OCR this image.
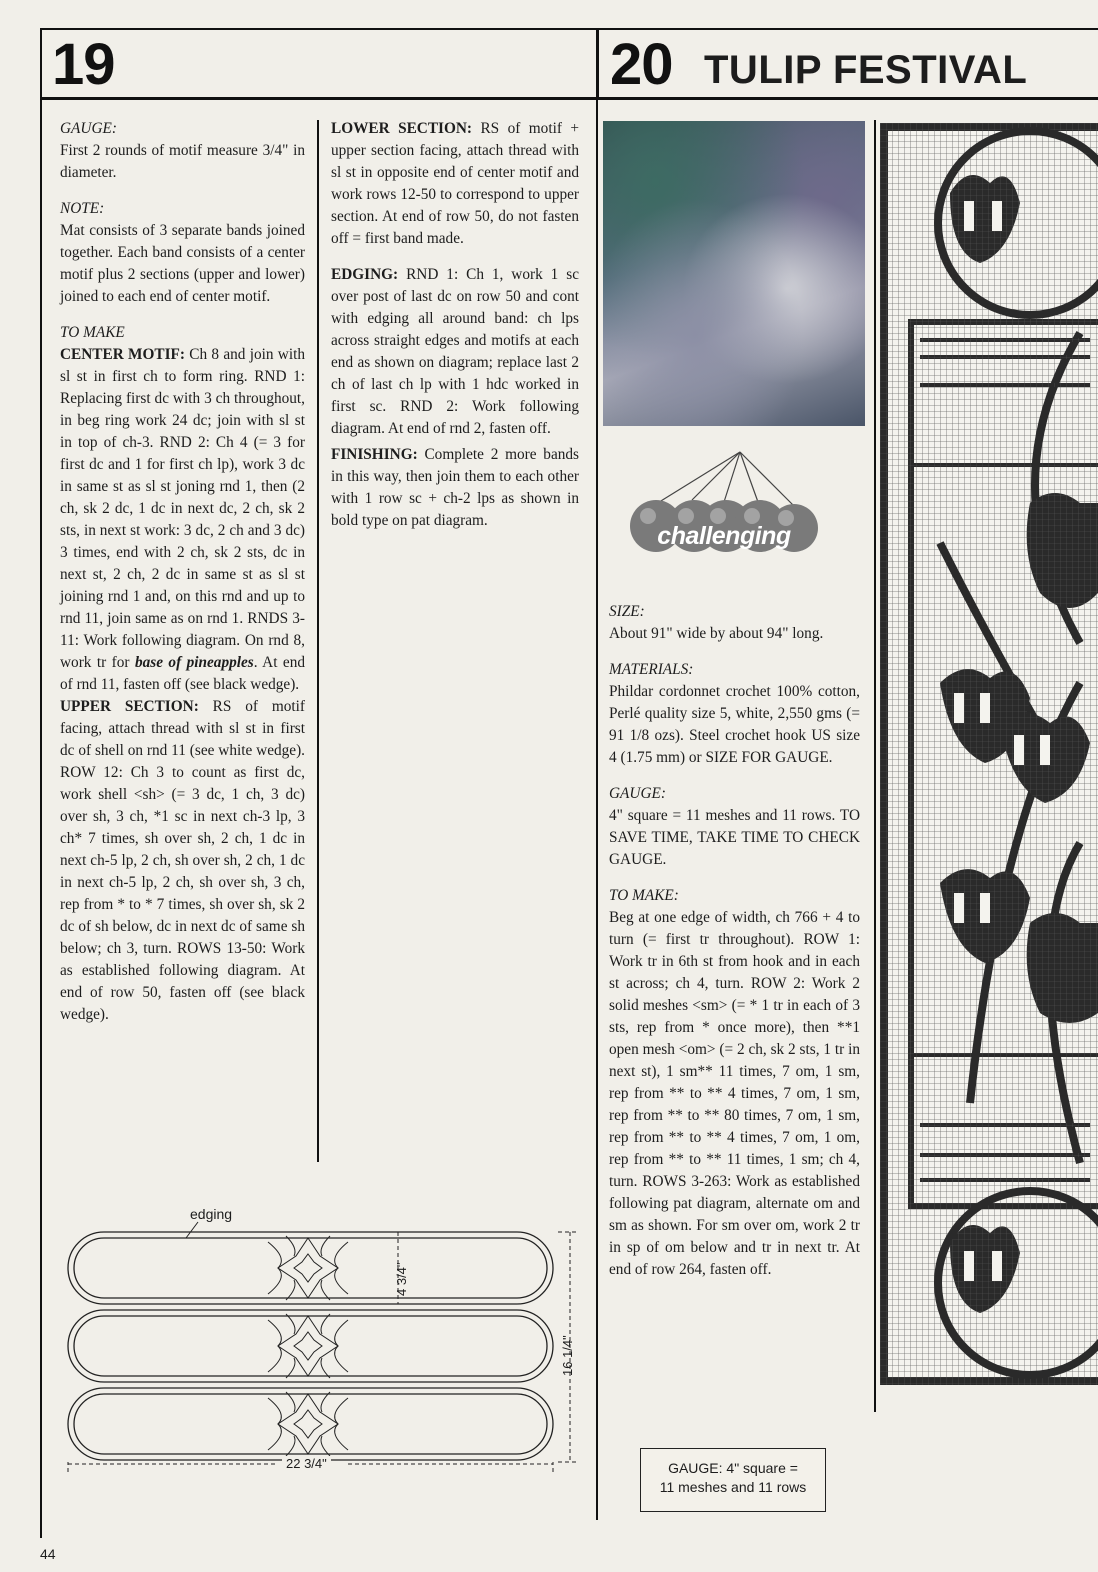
19	20 TULIP FESTIVAL

GAUGE:
First 2 rounds of motif measure 3/4" in diameter.

NOTE:
Mat consists of 3 separate bands joined together. Each band consists of a center motif plus 2 sections (upper and lower) joined to each end of center motif.

TO MAKE
CENTER MOTIF: Ch 8 and join with sl st in first ch to form ring. RND 1: Replacing first dc with 3 ch throughout, in beg ring work 24 dc; join with sl st in top of ch-3. RND 2: Ch 4 (= 3 for first dc and 1 for first ch lp), work 3 dc in same st as sl st joning rnd 1, then (2 ch, sk 2 dc, 1 dc in next dc, 2 ch, sk 2 sts, in next st work: 3 dc, 2 ch and 3 dc) 3 times, end with 2 ch, sk 2 sts, dc in next st, 2 ch, 2 dc in same st as sl st joining rnd 1 and, on this rnd and up to rnd 11, join same as on rnd 1. RNDS 3-11: Work following diagram. On rnd 8, work tr for base of pineapples. At end of rnd 11, fasten off (see black wedge).
UPPER SECTION: RS of motif facing, attach thread with sl st in first dc of shell on rnd 11 (see white wedge). ROW 12: Ch 3 to count as first dc, work shell <sh> (= 3 dc, 1 ch, 3 dc) over sh, 3 ch, *1 sc in next ch-3 lp, 3 ch* 7 times, sh over sh, 2 ch, 1 dc in next ch-5 lp, 2 ch, sh over sh, 2 ch, 1 dc in next ch-5 lp, 2 ch, sh over sh, 3 ch, rep from * to * 7 times, sh over sh, sk 2 dc of sh below, dc in next dc of same sh below; ch 3, turn. ROWS 13-50: Work as established following diagram. At end of row 50, fasten off (see black wedge).

LOWER SECTION: RS of motif + upper section facing, attach thread with sl st in opposite end of center motif and work rows 12-50 to correspond to upper section. At end of row 50, do not fasten off = first band made.

EDGING: RND 1: Ch 1, work 1 sc over post of last dc on row 50 and cont with edging all around band: ch lps across straight edges and motifs at each end as shown on diagram; replace last 2 ch of last ch lp with 1 hdc worked in first sc. RND 2: Work following diagram. At end of rnd 2, fasten off.

FINISHING: Complete 2 more bands in this way, then join them to each other with 1 row sc + ch-2 lps as shown in bold type on pat diagram.

edging
4 3/4"
16 1/4"
22 3/4"
challenging

SIZE:
About 91" wide by about 94" long.

MATERIALS:
Phildar cordonnet crochet 100% cotton, Perlé quality size 5, white, 2,550 gms (= 91 1/8 ozs). Steel crochet hook US size 4 (1.75 mm) or SIZE FOR GAUGE.

GAUGE:
4" square = 11 meshes and 11 rows. TO SAVE TIME, TAKE TIME TO CHECK GAUGE.

TO MAKE:
Beg at one edge of width, ch 766 + 4 to turn (= first tr throughout). ROW 1: Work tr in 6th st from hook and in each st across; ch 4, turn. ROW 2: Work 2 solid meshes <sm> (= * 1 tr in each of 3 sts, rep from * once more), then **1 open mesh <om> (= 2 ch, sk 2 sts, 1 tr in next st), 1 sm** 11 times, 7 om, 1 sm, rep from ** to ** 4 times, 7 om, 1 sm, rep from ** to ** 80 times, 7 om, 1 sm, rep from ** to ** 4 times, 7 om, 1 om, rep from ** to ** 11 times, 1 sm; ch 4, turn. ROWS 3-263: Work as established following pat diagram, alternate om and sm as shown. For sm over om, work 2 tr in sp of om below and tr in next tr. At end of row 264, fasten off.

GAUGE: 4" square =
11 meshes and 11 rows
44
